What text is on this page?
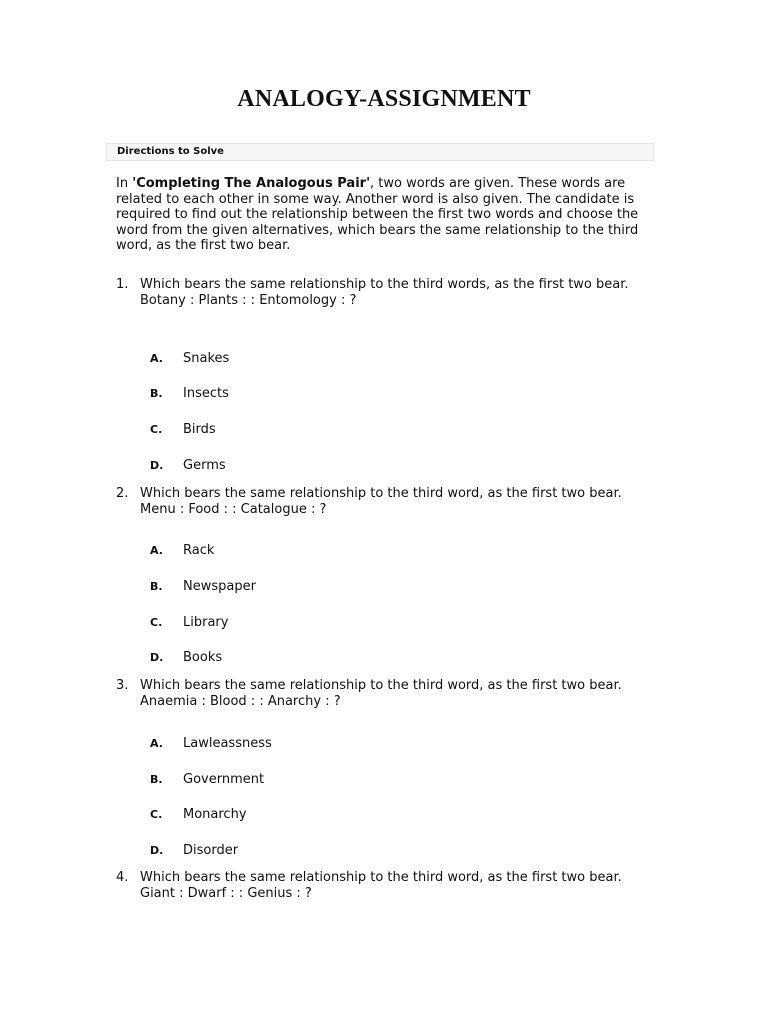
ANALOGY-ASSIGNMENT
Directions to Solve
In 'Completing The Analogous Pair', two words are given. These words are related to each other in some way. Another word is also given. The candidate is required to find out the relationship between the first two words and choose the word from the given alternatives, which bears the same relationship to the third word, as the first two bear.
1. Which bears the same relationship to the third words, as the first two bear.
Botany : Plants : : Entomology : ?
A. Snakes
B. Insects
C. Birds
D. Germs
2. Which bears the same relationship to the third word, as the first two bear.
Menu : Food : : Catalogue : ?
A. Rack
B. Newspaper
C. Library
D. Books
3. Which bears the same relationship to the third word, as the first two bear.
Anaemia : Blood : : Anarchy : ?
A. Lawleassness
B. Government
C. Monarchy
D. Disorder
4. Which bears the same relationship to the third word, as the first two bear.
Giant : Dwarf : : Genius : ?
